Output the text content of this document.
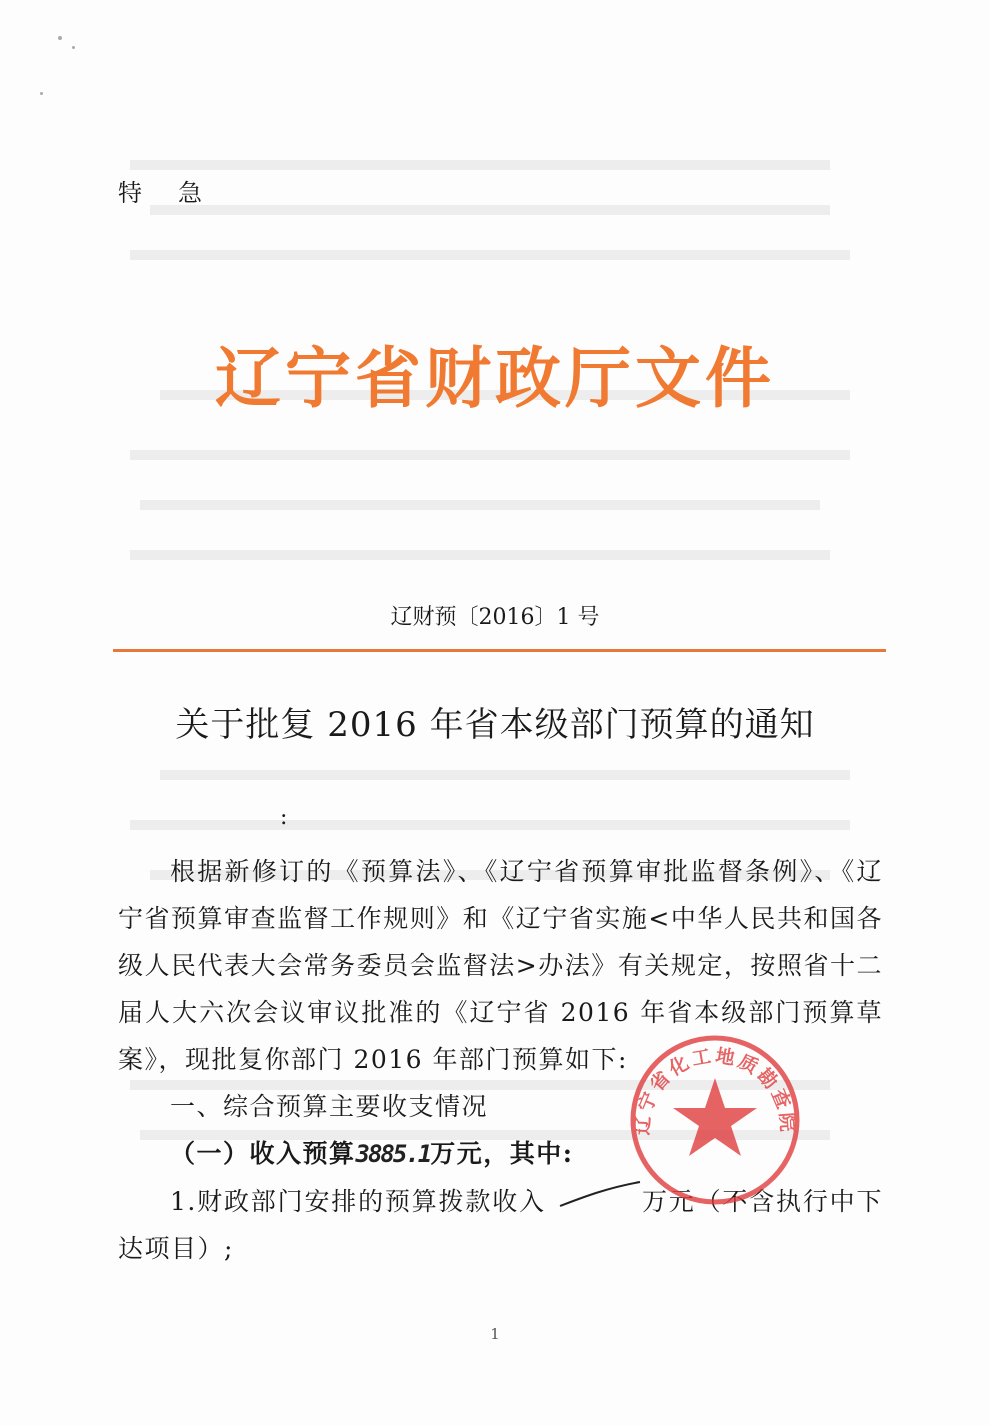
特 急
辽宁省财政厅文件
辽财预〔2016〕1 号
关于批复 2016 年省本级部门预算的通知
:

根据新修订的《预算法》、《辽宁省预算审批监督条例》、《辽宁省预算审查监督工作规则》和《辽宁省实施<中华人民共和国各级人民代表大会常务委员会监督法>办法》有关规定，按照省十二届人大六次会议审议批准的《辽宁省 2016 年省本级部门预算草案》，现批复你部门 2016 年部门预算如下:

一、综合预算主要收支情况

（一）收入预算3885.1万元，其中:

1.财政部门安排的预算拨款收入	万元（不含执行中下达项目）;

辽宁省化工地质勘查院
1
